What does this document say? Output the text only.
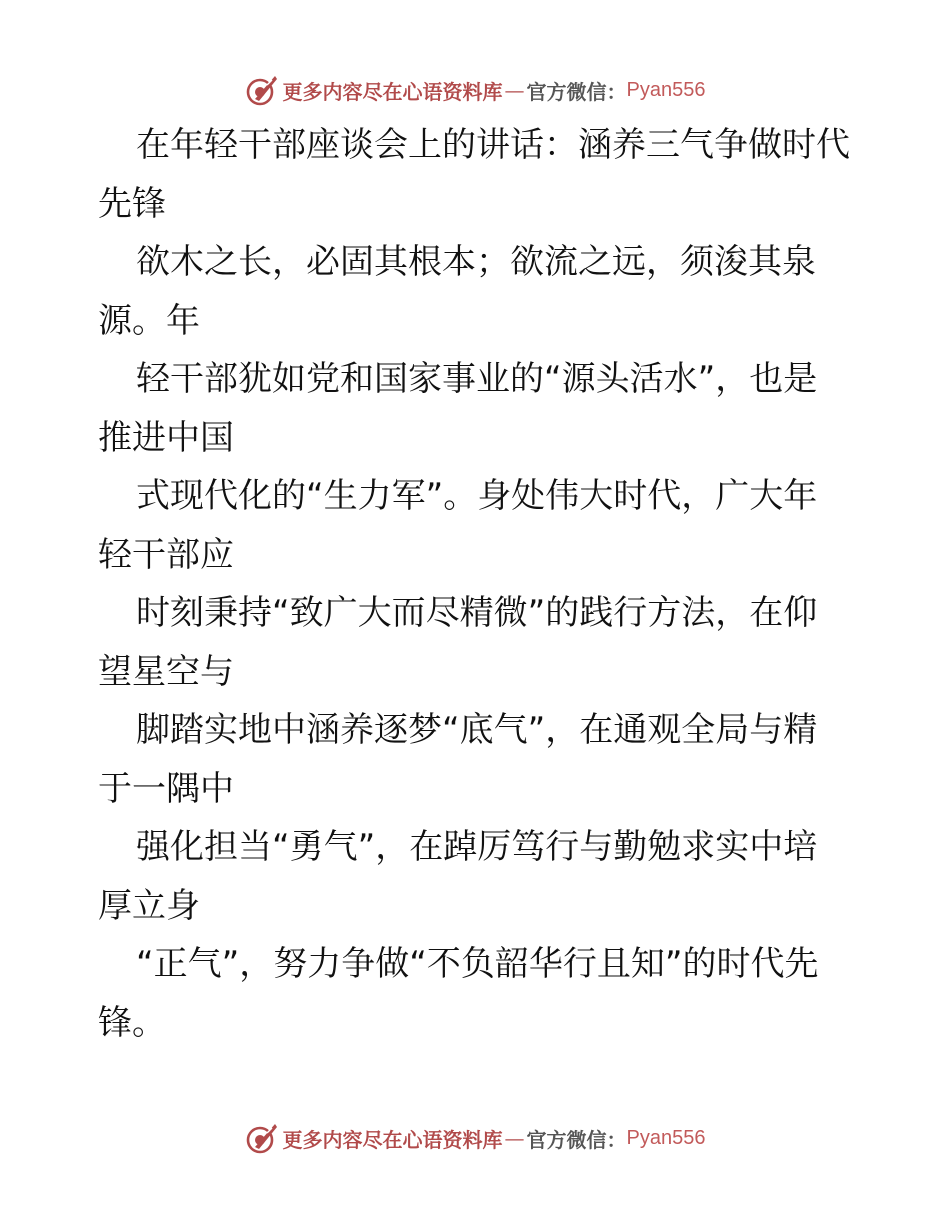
更多内容尽在心语资料库 — 官方微信： Pyan556

在年轻干部座谈会上的讲话：涵养三气争做时代先锋

欲木之长，必固其根本；欲流之远，须浚其泉源。年

轻干部犹如党和国家事业的“源头活水”，也是推进中国

式现代化的“生力军”。身处伟大时代，广大年轻干部应

时刻秉持“致广大而尽精微”的践行方法，在仰望星空与

脚踏实地中涵养逐梦“底气”，在通观全局与精于一隅中

强化担当“勇气”，在踔厉笃行与勤勉求实中培厚立身

“正气”，努力争做“不负韶华行且知”的时代先锋。

更多内容尽在心语资料库 — 官方微信： Pyan556
